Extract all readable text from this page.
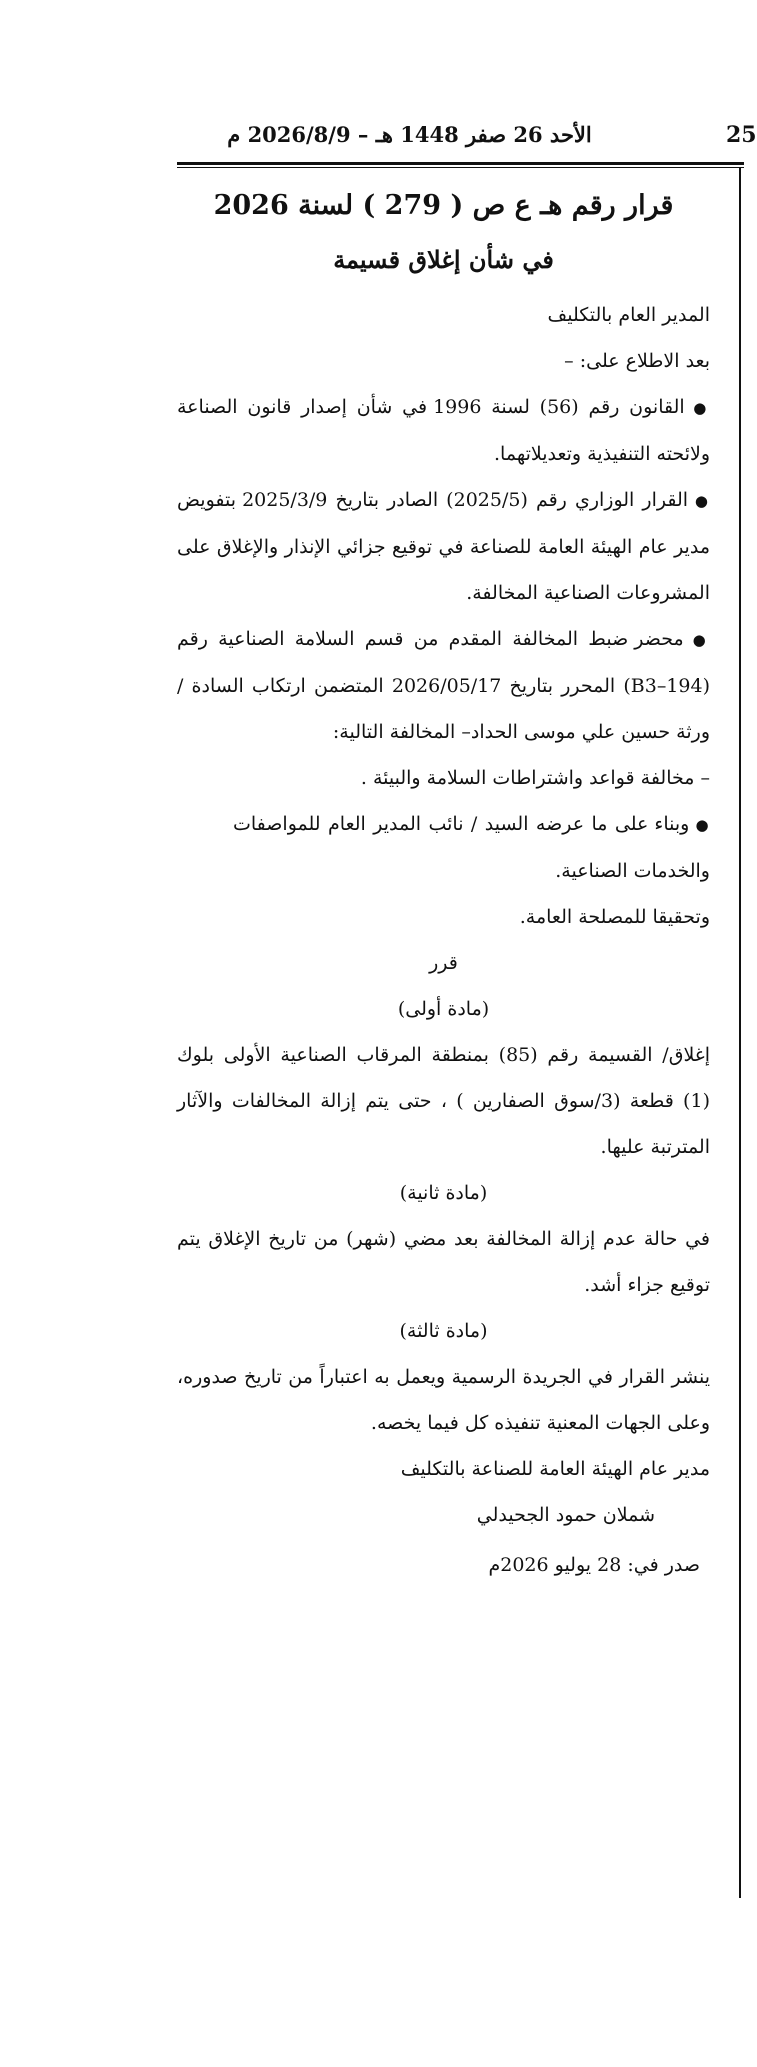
25
الأحد 26 صفر 1448 هـ – 2026/8/9 م

قرار رقم هـ ع ص ( 279 ) لسنة 2026

في شأن إغلاق قسيمة

المدير العام بالتكليف

بعد الاطلاع على: –

● القانون رقم (56) لسنة 1996 في شأن إصدار قانون الصناعة ولائحته التنفيذية وتعديلاتهما.

● القرار الوزاري رقم (2025/5) الصادر بتاريخ 2025/3/9 بتفويض مدير عام الهيئة العامة للصناعة في توقيع جزائي الإنذار والإغلاق على المشروعات الصناعية المخالفة.

● محضر ضبط المخالفة المقدم من قسم السلامة الصناعية رقم (B3–194) المحرر بتاريخ 2026/05/17 المتضمن ارتكاب السادة / ورثة حسين علي موسى الحداد– المخالفة التالية:

– مخالفة قواعد واشتراطات السلامة والبيئة .

● وبناء على ما عرضه السيد / نائب المدير العام للمواصفات والخدمات الصناعية.

وتحقيقا للمصلحة العامة.

قرر

(مادة أولى)

إغلاق/ القسيمة رقم (85) بمنطقة المرقاب الصناعية الأولى بلوك (1) قطعة (3/سوق الصفارين ) ، حتى يتم إزالة المخالفات والآثار المترتبة عليها.

(مادة ثانية)

في حالة عدم إزالة المخالفة بعد مضي (شهر) من تاريخ الإغلاق يتم توقيع جزاء أشد.

(مادة ثالثة)

ينشر القرار في الجريدة الرسمية ويعمل به اعتباراً من تاريخ صدوره، وعلى الجهات المعنية تنفيذه كل فيما يخصه.

مدير عام الهيئة العامة للصناعة بالتكليف

شملان حمود الجحيدلي

صدر في: 28 يوليو 2026م
